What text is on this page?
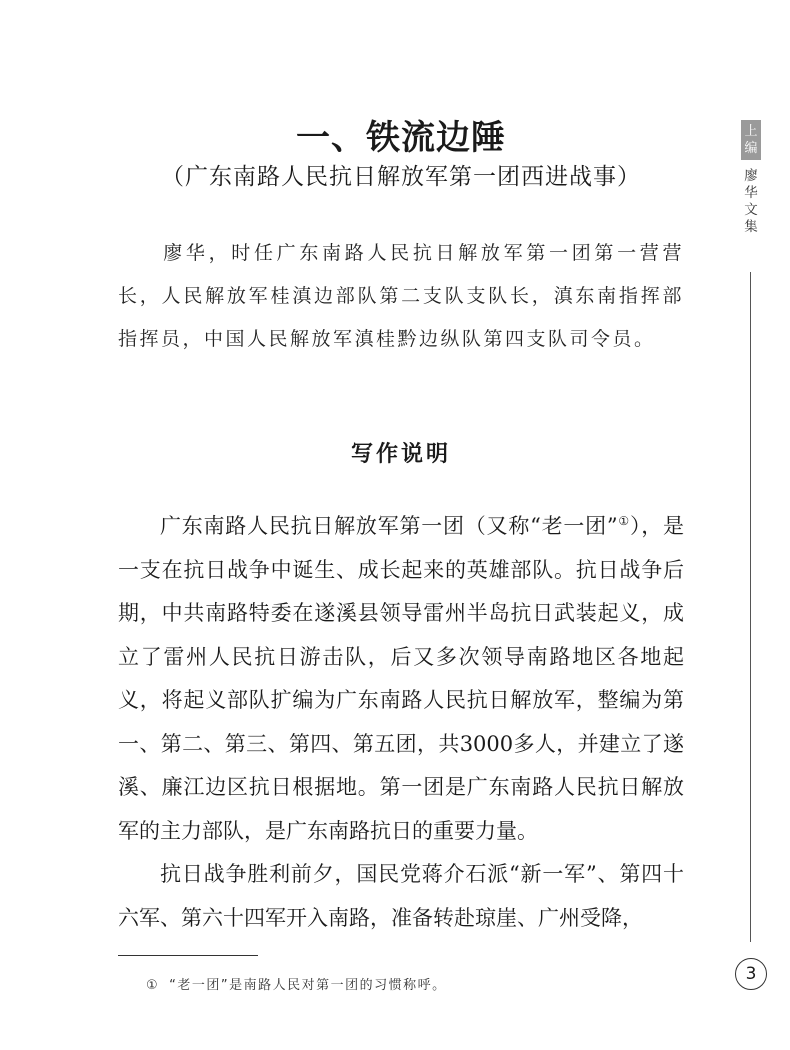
一、铁流边陲
（广东南路人民抗日解放军第一团西进战事）
廖华，时任广东南路人民抗日解放军第一团第一营营长，人民解放军桂滇边部队第二支队支队长，滇东南指挥部指挥员，中国人民解放军滇桂黔边纵队第四支队司令员。
写作说明

广东南路人民抗日解放军第一团（又称“老一团”①），是一支在抗日战争中诞生、成长起来的英雄部队。抗日战争后期，中共南路特委在遂溪县领导雷州半岛抗日武装起义，成立了雷州人民抗日游击队，后又多次领导南路地区各地起义，将起义部队扩编为广东南路人民抗日解放军，整编为第一、第二、第三、第四、第五团，共3000多人，并建立了遂溪、廉江边区抗日根据地。第一团是广东南路人民抗日解放军的主力部队，是广东南路抗日的重要力量。

抗日战争胜利前夕，国民党蒋介石派“新一军”、第四十六军、第六十四军开入南路，准备转赴琼崖、广州受降，

① “老一团”是南路人民对第一团的习惯称呼。
上
编
廖
华
文
集
3
